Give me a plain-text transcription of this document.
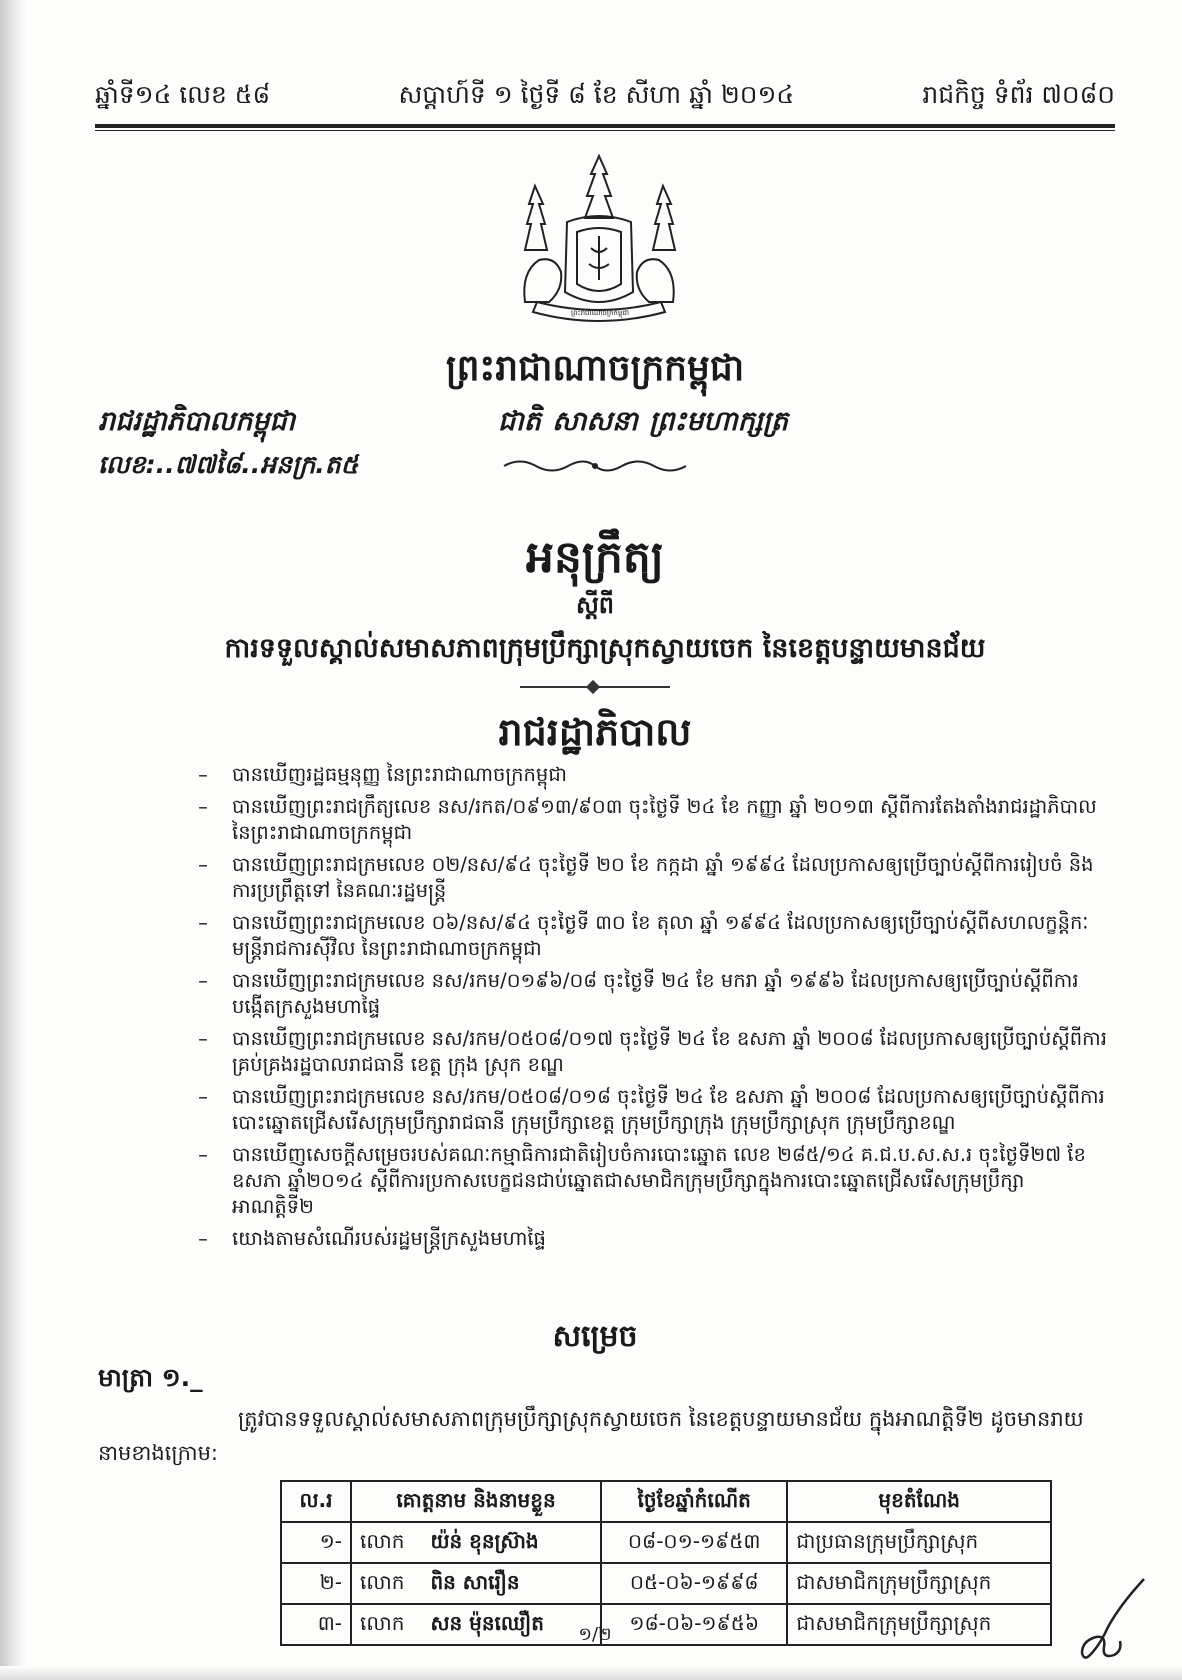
ឆ្នាំទី១៤ លេខ ៥៨	សប្តាហ៍ទី ១ ថ្ងៃទី ៨ ខែ សីហា ឆ្នាំ ២០១៤	រាជកិច្ច ទំព័រ ៧០៨០
ព្រះរាជាណាចក្រកម្ពុជា
ព្រះរាជាណាចក្រកម្ពុជា
ជាតិ សាសនា ព្រះមហាក្សត្រ
រាជរដ្ឋាភិបាលកម្ពុជា
លេខ:..៧៧៨ៃ..អនក្រ.ត៥
អនុក្រឹត្យ
ស្តីពី
ការទទួលស្គាល់សមាសភាពក្រុមប្រឹក្សាស្រុកស្វាយចេក នៃខេត្តបន្ទាយមានជ័យ
រាជរដ្ឋាភិបាល
–	បានឃើញរដ្ឋធម្មនុញ្ញ នៃព្រះរាជាណាចក្រកម្ពុជា
–	បានឃើញព្រះរាជក្រឹត្យលេខ នស/រកត/០៩១៣/៩០៣ ចុះថ្ងៃទី ២៤ ខែ កញ្ញា ឆ្នាំ ២០១៣ ស្តីពីការតែងតាំងរាជរដ្ឋាភិបាល នៃព្រះរាជាណាចក្រកម្ពុជា
–	បានឃើញព្រះរាជក្រមលេខ ០២/នស/៩៤ ចុះថ្ងៃទី ២០ ខែ កក្កដា ឆ្នាំ ១៩៩៤ ដែលប្រកាសឲ្យប្រើច្បាប់ស្តីពីការរៀបចំ និងការប្រព្រឹត្តទៅ នៃគណៈរដ្ឋមន្ត្រី
–	បានឃើញព្រះរាជក្រមលេខ ០៦/នស/៩៤ ចុះថ្ងៃទី ៣០ ខែ តុលា ឆ្នាំ ១៩៩៤ ដែលប្រកាសឲ្យប្រើច្បាប់ស្តីពីសហលក្ខន្តិកៈមន្ត្រីរាជការស៊ីវិល នៃព្រះរាជាណាចក្រកម្ពុជា
–	បានឃើញព្រះរាជក្រមលេខ នស/រកម/០១៩៦/០៨ ចុះថ្ងៃទី ២៤ ខែ មករា ឆ្នាំ ១៩៩៦ ដែលប្រកាសឲ្យប្រើច្បាប់ស្តីពីការបង្កើតក្រសួងមហាផ្ទៃ
–	បានឃើញព្រះរាជក្រមលេខ នស/រកម/០៥០៨/០១៧ ចុះថ្ងៃទី ២៤ ខែ ឧសភា ឆ្នាំ ២០០៨ ដែលប្រកាសឲ្យប្រើច្បាប់ស្តីពីការគ្រប់គ្រងរដ្ឋបាលរាជធានី ខេត្ត ក្រុង ស្រុក ខណ្ឌ
–	បានឃើញព្រះរាជក្រមលេខ នស/រកម/០៥០៨/០១៨ ចុះថ្ងៃទី ២៤ ខែ ឧសភា ឆ្នាំ ២០០៨ ដែលប្រកាសឲ្យប្រើច្បាប់ស្តីពីការបោះឆ្នោតជ្រើសរើសក្រុមប្រឹក្សារាជធានី ក្រុមប្រឹក្សាខេត្ត ក្រុមប្រឹក្សាក្រុង ក្រុមប្រឹក្សាស្រុក ក្រុមប្រឹក្សាខណ្ឌ
–	បានឃើញសេចក្តីសម្រេចរបស់គណៈកម្មាធិការជាតិរៀបចំការបោះឆ្នោត លេខ ២៨៥/១៤ គ.ជ.ប.ស.ស.រ ចុះថ្ងៃទី២៧ ខែឧសភា ឆ្នាំ២០១៤ ស្តីពីការប្រកាសបេក្ខជនជាប់ឆ្នោតជាសមាជិកក្រុមប្រឹក្សាក្នុងការបោះឆ្នោតជ្រើសរើសក្រុមប្រឹក្សា អាណត្តិទី២
–	យោងតាមសំណើរបស់រដ្ឋមន្ត្រីក្រសួងមហាផ្ទៃ
សម្រេច
មាត្រា ១._
ត្រូវបានទទួលស្គាល់សមាសភាពក្រុមប្រឹក្សាស្រុកស្វាយចេក នៃខេត្តបន្ទាយមានជ័យ ក្នុងអាណត្តិទី២ ដូចមានរាយនាមខាងក្រោម:
ល.រ	គោត្តនាម និងនាមខ្លួន	ថ្ងៃខែឆ្នាំកំណើត	មុខតំណែង
១-	លោក យ៉ន់ ខុនស្រ៊ាង	០៨-០១-១៩៥៣	ជាប្រធានក្រុមប្រឹក្សាស្រុក
២-	លោក ពិន សារឿន	០៥-០៦-១៩៩៨	ជាសមាជិកក្រុមប្រឹក្សាស្រុក
៣-	លោក សន ម៉ុនឈឿត	១៨-០៦-១៩៥៦	ជាសមាជិកក្រុមប្រឹក្សាស្រុក
១/២
